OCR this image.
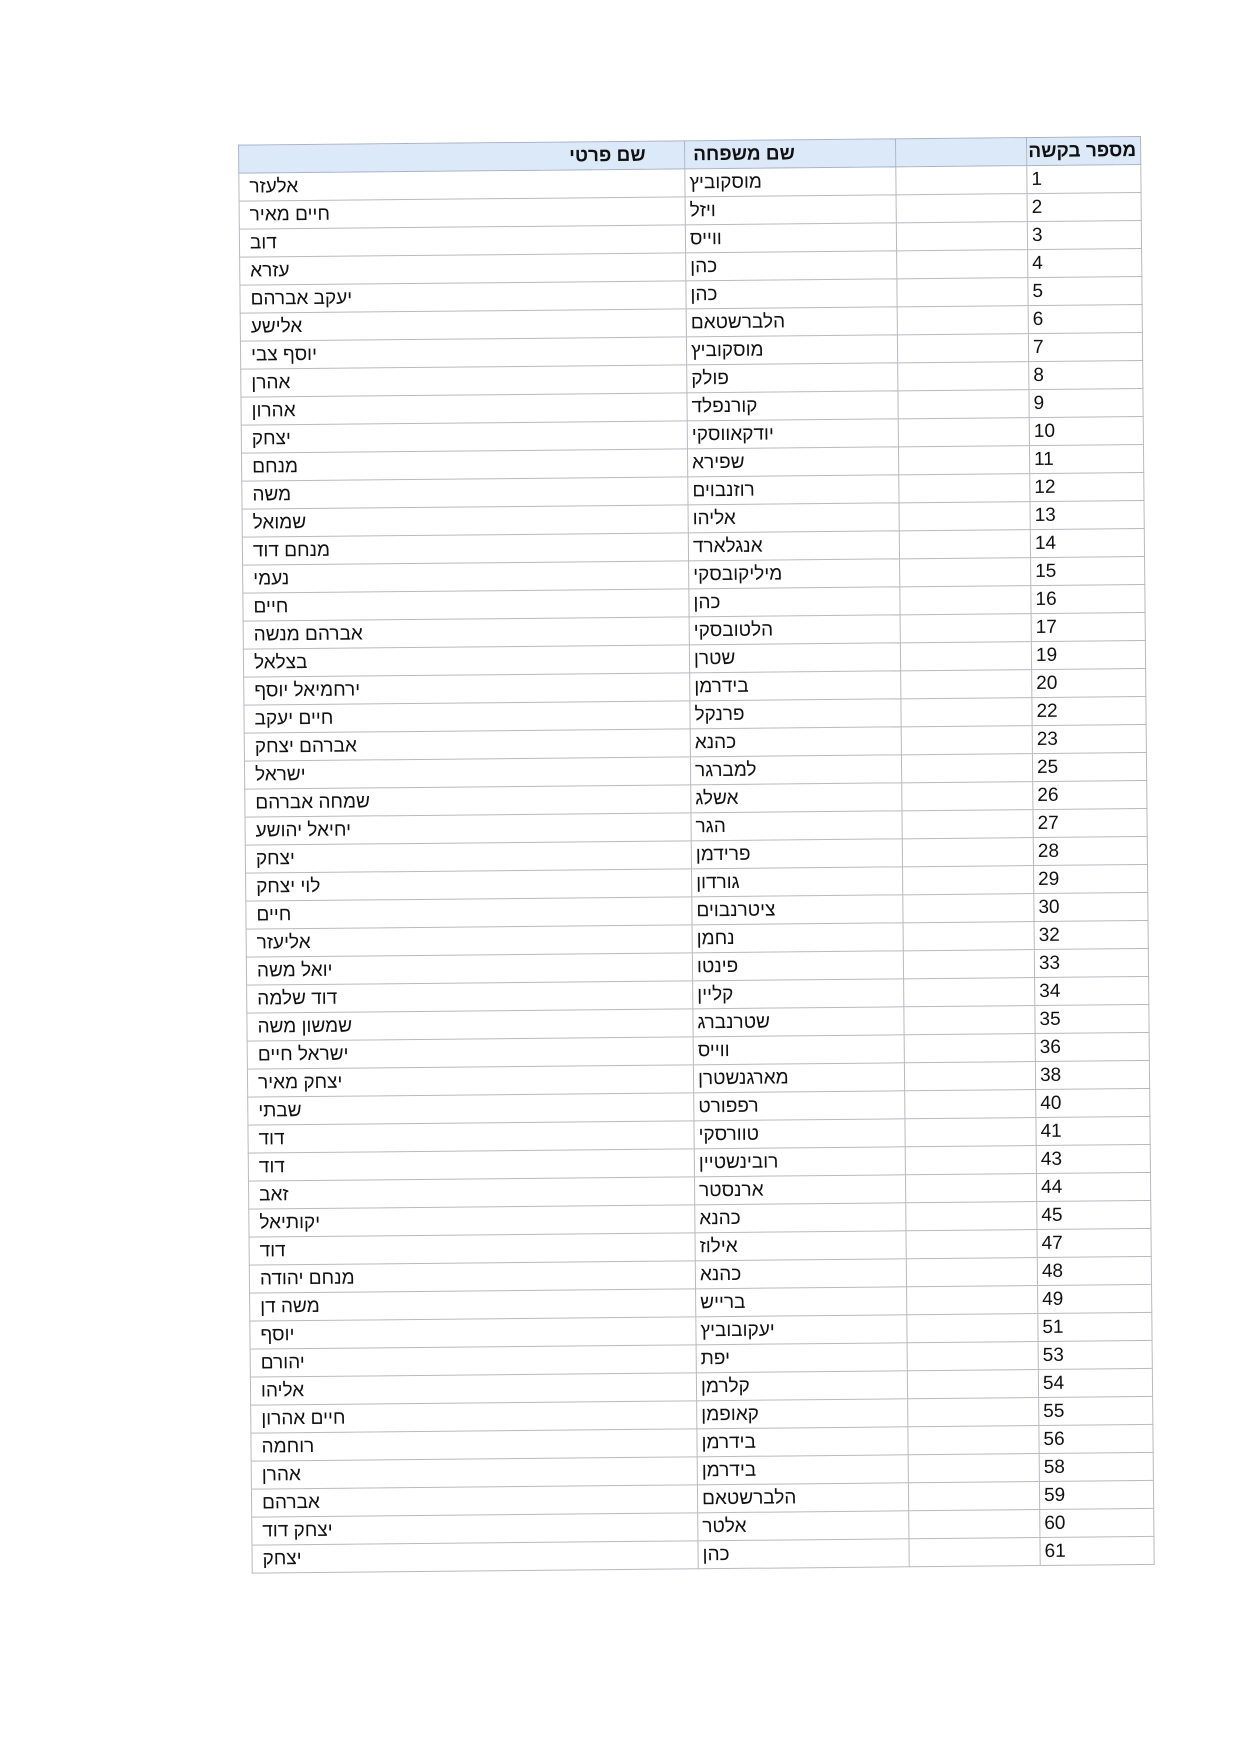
מספר בקשה		שם משפחה	שם פרטי
1		מוסקוביץ	אלעזר
2		ויזל	חיים מאיר
3		ווייס	דוב
4		כהן	עזרא
5		כהן	יעקב אברהם
6		הלברשטאם	אלישע
7		מוסקוביץ	יוסף צבי
8		פולק	אהרן
9		קורנפלד	אהרון
10		יודקאווסקי	יצחק
11		שפירא	מנחם
12		רוזנבוים	משה
13		אליהו	שמואל
14		אנגלארד	מנחם דוד
15		מיליקובסקי	נעמי
16		כהן	חיים
17		הלטובסקי	אברהם מנשה
19		שטרן	בצלאל
20		בידרמן	ירחמיאל יוסף
22		פרנקל	חיים יעקב
23		כהנא	אברהם יצחק
25		למברגר	ישראל
26		אשלג	שמחה אברהם
27		הגר	יחיאל יהושע
28		פרידמן	יצחק
29		גורדון	לוי יצחק
30		ציטרנבוים	חיים
32		נחמן	אליעזר
33		פינטו	יואל משה
34		קליין	דוד שלמה
35		שטרנברג	שמשון משה
36		ווייס	ישראל חיים
38		מארגנשטרן	יצחק מאיר
40		רפפורט	שבתי
41		טוורסקי	דוד
43		רובינשטיין	דוד
44		ארנסטר	זאב
45		כהנא	יקותיאל
47		אילוז	דוד
48		כהנא	מנחם יהודה
49		ברייש	משה דן
51		יעקובוביץ	יוסף
53		יפת	יהורם
54		קלרמן	אליהו
55		קאופמן	חיים אהרון
56		בידרמן	רוחמה
58		בידרמן	אהרן
59		הלברשטאם	אברהם
60		אלטר	יצחק דוד
61		כהן	יצחק
